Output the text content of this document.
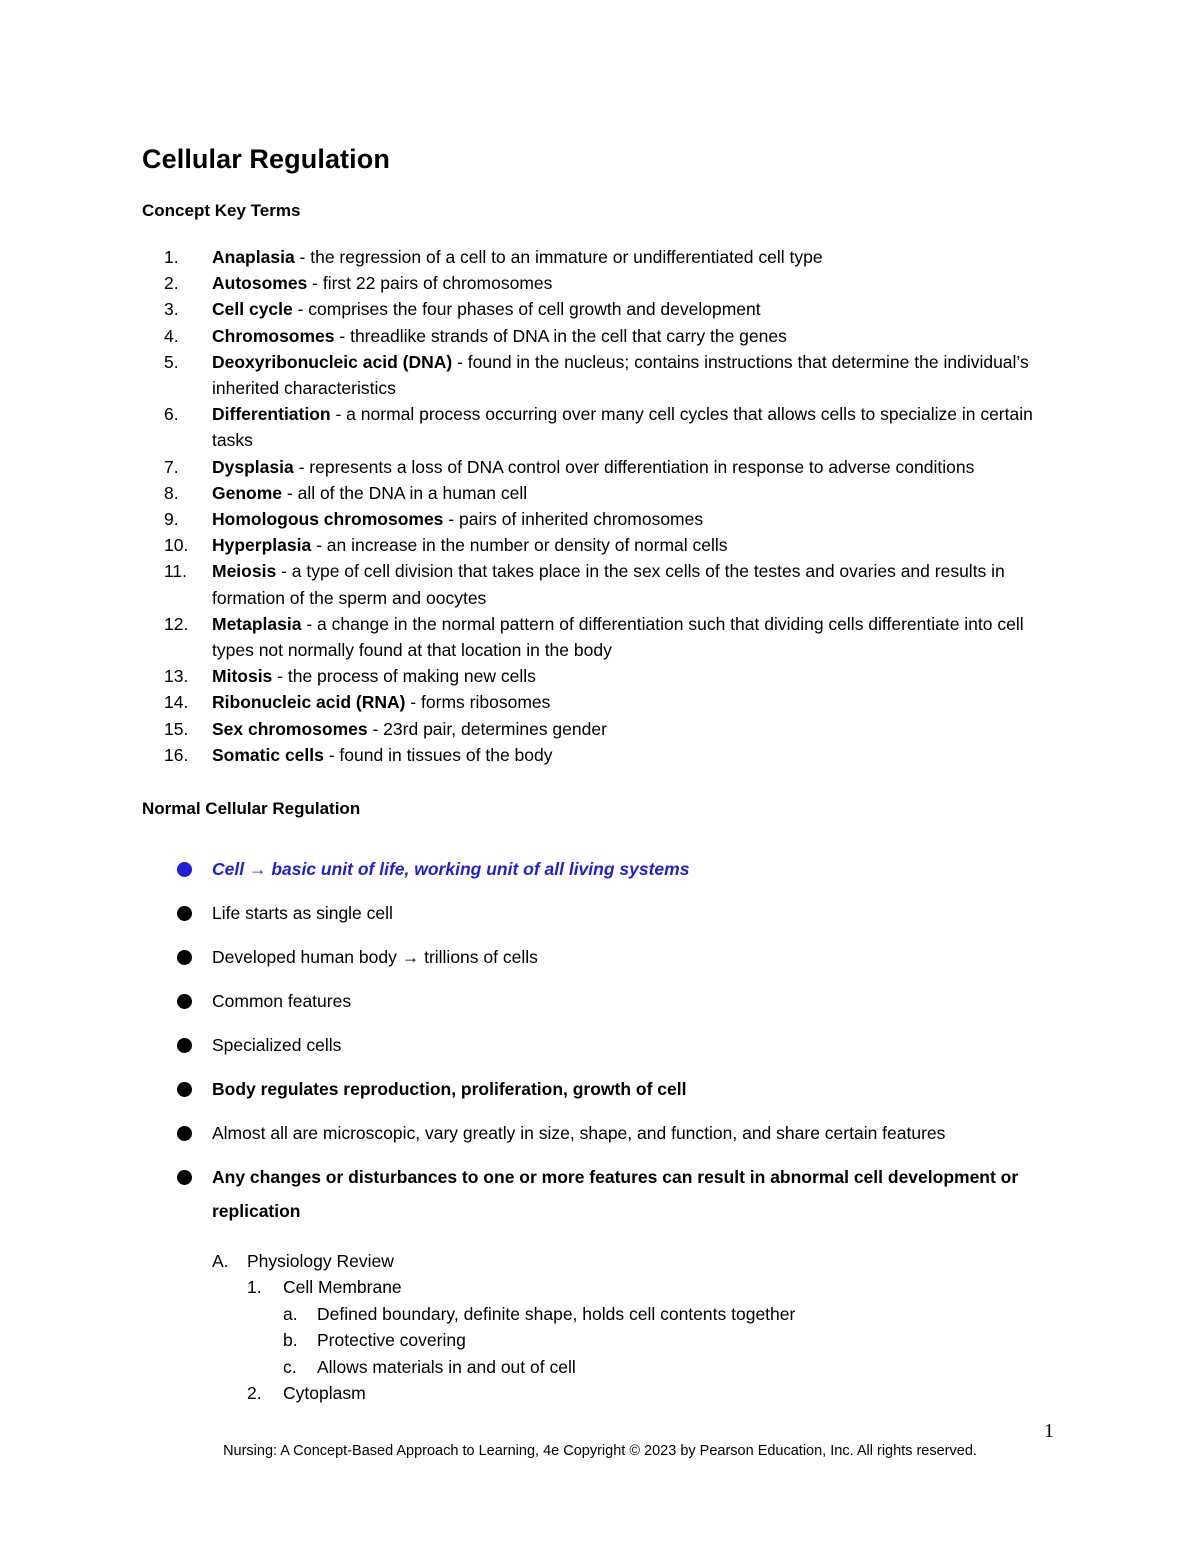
Cellular Regulation
Concept Key Terms
1.	Anaplasia - the regression of a cell to an immature or undifferentiated cell type
2.	Autosomes - first 22 pairs of chromosomes
3.	Cell cycle - comprises the four phases of cell growth and development
4.	Chromosomes - threadlike strands of DNA in the cell that carry the genes
5.	Deoxyribonucleic acid (DNA) - found in the nucleus; contains instructions that determine the individual’s inherited characteristics
6.	Differentiation - a normal process occurring over many cell cycles that allows cells to specialize in certain tasks
7.	Dysplasia - represents a loss of DNA control over differentiation in response to adverse conditions
8.	Genome - all of the DNA in a human cell
9.	Homologous chromosomes - pairs of inherited chromosomes
10.	Hyperplasia - an increase in the number or density of normal cells
11.	Meiosis - a type of cell division that takes place in the sex cells of the testes and ovaries and results in formation of the sperm and oocytes
12.	Metaplasia - a change in the normal pattern of differentiation such that dividing cells differentiate into cell types not normally found at that location in the body
13.	Mitosis - the process of making new cells
14.	Ribonucleic acid (RNA) - forms ribosomes
15.	Sex chromosomes - 23rd pair, determines gender
16.	Somatic cells - found in tissues of the body
Normal Cellular Regulation
Cell → basic unit of life, working unit of all living systems
Life starts as single cell
Developed human body → trillions of cells
Common features
Specialized cells
Body regulates reproduction, proliferation, growth of cell
Almost all are microscopic, vary greatly in size, shape, and function, and share certain features
Any changes or disturbances to one or more features can result in abnormal cell development or replication
A. Physiology Review
1. Cell Membrane
a. Defined boundary, definite shape, holds cell contents together
b. Protective covering
c. Allows materials in and out of cell
2. Cytoplasm
1
Nursing: A Concept-Based Approach to Learning, 4e Copyright © 2023 by Pearson Education, Inc. All rights reserved.
